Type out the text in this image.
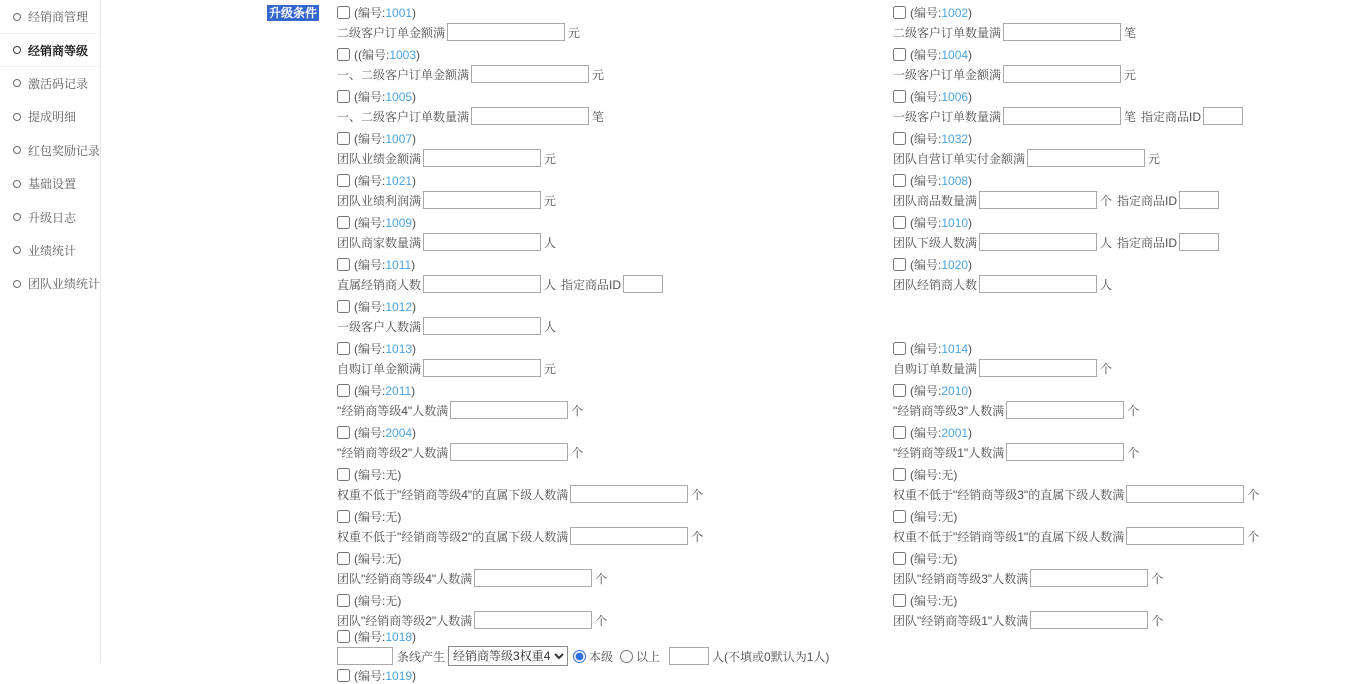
经销商管理
经销商等级
激活码记录
提成明细
红包奖励记录
基础设置
升级日志
业绩统计
团队业绩统计
升级条件	(编号:1001)
二级客户订单金额满	元
(编号:1002)
二级客户订单数量满	笔
((编号:1003)
一、二级客户订单金额满	元
(编号:1004)
一级客户订单金额满	元
(编号:1005)
一、二级客户订单数量满	笔
(编号:1006)
一级客户订单数量满	笔 指定商品ID
(编号:1007)
团队业绩金额满	元
(编号:1032)
团队自营订单实付金额满	元
(编号:1021)
团队业绩利润满	元
(编号:1008)
团队商品数量满	个 指定商品ID
(编号:1009)
团队商家数量满	人
(编号:1010)
团队下级人数满	人 指定商品ID
(编号:1011)
直属经销商人数	人 指定商品ID
(编号:1020)
团队经销商人数	人
(编号:1012)
一级客户人数满	人
(编号:1013)
自购订单金额满	元
(编号:1014)
自购订单数量满	个
(编号:2011)
"经销商等级4"人数满	个
(编号:2010)
"经销商等级3"人数满	个
(编号:2004)
"经销商等级2"人数满	个
(编号:2001)
"经销商等级1"人数满	个
(编号:无)
权重不低于"经销商等级4"的直属下级人数满	个
(编号:无)
权重不低于"经销商等级3"的直属下级人数满	个
(编号:无)
权重不低于"经销商等级2"的直属下级人数满	个
(编号:无)
权重不低于"经销商等级1"的直属下级人数满	个
(编号:无)
团队"经销商等级4"人数满	个
(编号:无)
团队"经销商等级3"人数满	个
(编号:无)
团队"经销商等级2"人数满	个
(编号:无)
团队"经销商等级1"人数满	个
(编号:1018)
条线产生
经销商等级3权重4	本级 以上	人(不填或0默认为1人)
(编号:1019)
